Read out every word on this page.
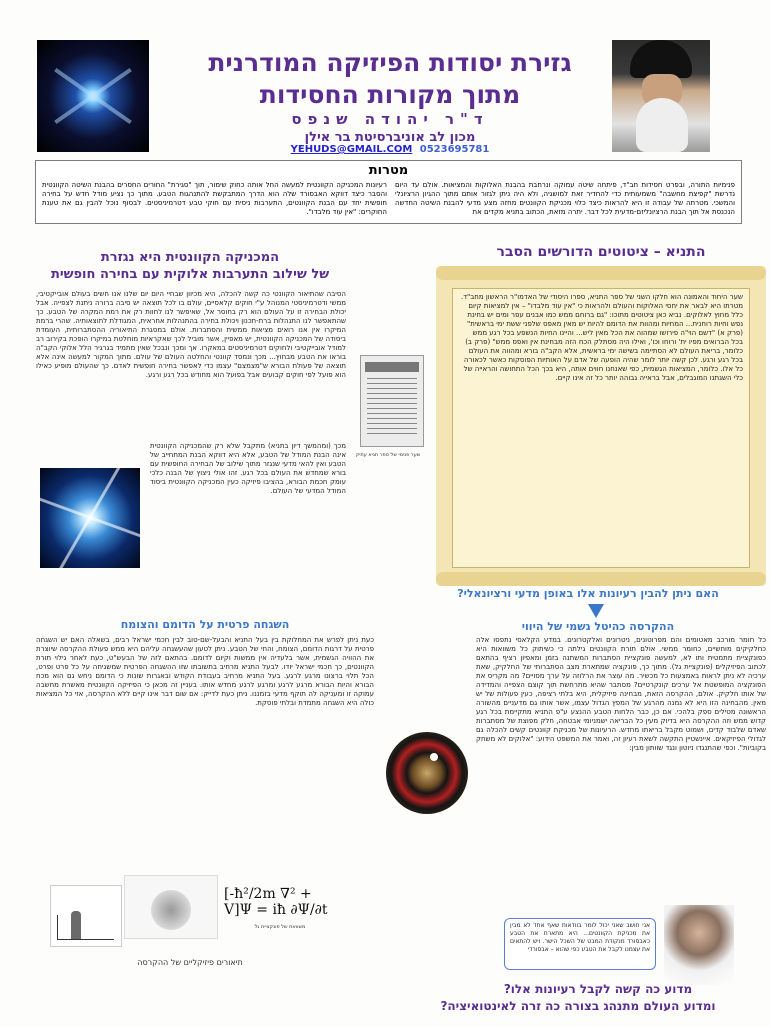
גזירת יסודות הפיזיקה המודרנית
מתוך מקורות החסידות
ד"ר יהודה שנפס
מכון לב אוניברסיטת בר אילן
0523695781 YEHUDS@GMAIL.COM
מטרות
פנימיות התורה, ובפרט חסידות חב"ד, פיתחה שיטה עמוקה ונרחבת בהבנת האלוקות והמציאות. אולם עד היום נדרשת "קפיצת מחשבה" משמעותית כדי להחדיר זאת למושגיה, ולא היה ניתן לגזור אותם מתוך ההגיון הרציונלי והמשכי. מטרתה של עבודה זו היא להראות כיצד כלוי מכניקת הקוונטים מחזה מצע מדעי להבנת השיטה החדשה הנכנסת אל תוך הבנת הרציונליזם-מדעית לכל דבר. יתרה מזאת, הכתוב בתניא מקדים את
רעיונות המכניקה הקוונטית למעשה החל אותה כחוק שימור, תוך "סגירת" החורים החסרים בהבנת השיטה הקוונטית והסבר כיצד דווקא האבסורד שלה הוא הדרך המתבקשת להתנהגות הטבע. מתוך כך נציע מודל חדש על בחירה חופשית יחד עם הבנת הקוונטים, התערבות ניסית עם חוקי טבע דטרמיניסטים. לבסוף נוכל להבין גם את טענת החוקרים: "אין עוד מלבדו".
המכניקה הקוונטית היא נגזרת
של שילוב התערבות אלוקית עם בחירה חופשית
הסיבה שהתיאור הקוונטי כה קשה להכלה, היא מכיוון שבחיי היום יום שלנו אנו חשים בעולם אובייקטיבי, ממשי ודטרמיניסטי המנוהל ע"י חוקים קלאסיים, עולם בו לכל תוצאה יש סיבה ברורה ניתנת לצפייה. אבל יכולת הבחירה זו על העולם הוא רק בחוסר אל, שאיפשר לנו לחוות רק את רמת המקרה של הטבע. כך שהתאפשר לנו התנהלות ברת-תכנון ויכולת בחירה בהתנהלות אחראית, המגודלת לתוצאותיה. שהרי ברמת המיקרו אין אנו רואים מציאות ממשית והסתברות. אולם במסגרת התיאוריה ההסתברותית, העומדת ביסודה של המכניקה הקוונטית, יש מאפיין, אשר מוביל לכך שאקראיות מוחלטת במיקרו הופכת בקירוב רב למודל אובייקטיבי ולחוקים דטרמיניסטים במאקרו. אך ומכך ונבכל שאין מתמיד בגרגיר הלל אלוקי הקב"ה בוראו את הטבע מבחוץ... מכך ונמסד קוונטי והחלטה העולם של עולם. מתוך המקור למעשה אינה אלא תוצאה של פעולת הבורא ש"מצמצם" עצמו כדי לאפשר בחירה חופשית לאדם. כך שהעולם מופיע כאילו הוא פועל לפי חוקים קבועים אבל בפועל הוא מחודש בכל רגע ורגע.
מכך (ומהמשך דיון בתניא) מתקבל שלא רק שהמכניקה הקוונטית אינה הבנת המודל של הטבע, אלא היא דווקא הבנת המתחייב של הטבע ואין להאי מדעי שנגזר מתוך שילוב של הבחירה החופשית עם בורא שמחדש את העולם בכל רגע. זהו אולי ניצוץ של הבנה כלכי עומק חכמת הבורא, בהציבו פיזיקה כעין המכניקה הקוונטית ביסוד המודל המדעי של העולם.
שער פנימי של ספר תניא עתיק
התניא – ציטוטים הדורשים הסבר
שער היחוד והאמונה הוא חלקו השני של ספר התניא, ספרו היסודי של האדמו"ר הראשון מחב"ד. מטרתו היא לבאר את יחסי האלוקות והעולם ולהראות כי "אין עוד מלבדו" – אין למציאות קיום כלל מחוץ לאלוקים. נביא כאן ציטוטים מתוכו: "גם ברוחם ממש כמו אבנים עפר ומים יש בחינת נפש וחיות רוחנית... המחיות ומהוות את הדומם להיות יש מאין מאפס שלפני ששת ימי בראשית" (פרק א) "דשם הוי"ה פירושו שמהוה את הכל מאין ליש... והיינו החיות הנשפע בכל רגע ממש בכל הברואים מפיו ית' ורוחו וכו', ואילו היה מסתלק הכח הזה מבחינת אין ואפס ממש" (פרק ב) כלומר, בריאת העולם לא הסתיימה בשישה ימי בראשית, אלא הקב"ה בורא ומהווה את העולם בכל רגע ורגע. לכן קשה יותר לומר שהיה הופעה של אדם על האותיות הפוסקות כאשר לכאורה כל אלו. כלומר, המציאות הגשמית, כפי שאנחנו חווים אותה, היא בכך הכל התחושה והראייה של כלי השגתנו המוגבלים, אבל בראייה גבוהה יותר כל זה אינו קיים.
האם ניתן להבין רעיונות אלו באופן מדעי ורציונאלי?
ההקרסה כהיטל גשמי של היווי
כל חומר מורכב מאטומים והם מפרוטונים, ניטרונים ואלקטרונים. במדע הקלאסי נתפסו אלה כחלקיקים מוחשיים, כחומר ממשי. אולם תורת הקוונטים גילתה כי כשיתוק כל משוואות היא כפונקציית מתמטית ותו לא, למעשה פונקציית הסתברות המשתנה בזמן ומאפיון רציף בהתאם לכתוב הפיזיקלים (פונקציית גל). מתוך כך, פונקציה שמתארת מצב הסתברותי של החלקיק, שאת ערכיה לא ניתן לראות באמצעות כל מכשיר. מה עוצר את הרלוזה על ערך מסויים? מה מקריס את הפונקציה המופשטת אל ערכים קונקרטיים? מסתבר שהיא מתרחשת תוך קוצם הצפייה והמדידה של אותו חלקיק. אולם, ההקרסה הזאת, מבחינה פיזיקלית, היא בלתי רציפה, כעין פעולות של יש מאין. מהבחינה הזו היא לא נמנה מהרגע של המפץ הגדול עצמו, אשר אותו גם מדעניים מהשורה הראשונה מטילים ספק בלהכי. אם כן, כבר הלחות הטבע ההנצע ע"פ התניא מתקיימת בכל רגע קדוש ממש וזה ההקרסה היא בדיוק מעין כל הבריאה ישמניומי אבטחה, חלק מפוצת של מסתברות שאדם שלבוד קדים, ושמוט מקבל בריאתו מחדש. הרעיונות של מכניקת קוונטים קשים להכלה גם לגדולי הפיזיקאים. איינשטיין התקשה לשאת רעיון זה, ואמר את המשפט הידוע: "אלוקים לא משחק בקוביות". וכפי שהתנגדו ניוטון ונגד שוותון מבין:
השגחה פרטית על הדומם והצומח
כעת ניתן לפרש את המחלוקת בין בעל התניא והבעל-שם-טוב לבין חכמי ישראל רבים, בשאלה האם יש השגחה פרטית על דרגות הדומם, הצומח, והחי של הטבע. ניתן לטעון שהעשגחה עליהם היא ממש פעולת ההקרסה שיוצרת את ההוויה הגשמית, אשר בלעדיה אין ממשות וקיום לדומם. בהתאם לזה של הבעש"ט, כעת לאחר גילוי תורת הקוונטים, כך חכמי ישראל יודו. לבעל התניא מרחיב בתשובתו שזו ההשגחה הפרטית שמשגיחה על כל פרט ופרט, הכל תלוי ברצונו מרגע לרגע. בעל התניא מרחיב בעבודת הקודש ובאגרות שונות כי הדומם ניחש גם הוא מכח הבורא והיות הבורא מרגע לרגע ומרגע לרגע מחדש אותו. בעניין זה מכאן כי הפיזיקה הקוונטית מאשרת מחשבה עמוקה זו ומעניקה לה תוקף מדעי בזמננו. ניתן כעת לדייק: אם שום דבר אינו קיים ללא ההקרסה, אזי כל המציאות כולה היא השגחה מתמדת ובלתי פוסקת.
[-ħ²/2m ∇² + V]Ψ = iħ ∂Ψ/∂t
משוואת של פונקציית גל
תיאורים פיזיקליים של ההקרסה
אני חושב שאני יכול לומר בוודאות שאף אחד לא מבין את מכניקת הקוונטים... היא מתארת את הטבע כאבסורד מנקודת המבט של השכל הישר. ויש להתאים את עצמנו לקבל את הטבע כפי שהוא – אבסורדי
מדוע כה קשה לקבל רעיונות אלו?
ומדוע העולם מתנהג בצורה כה זרה לאינטואיציה?
